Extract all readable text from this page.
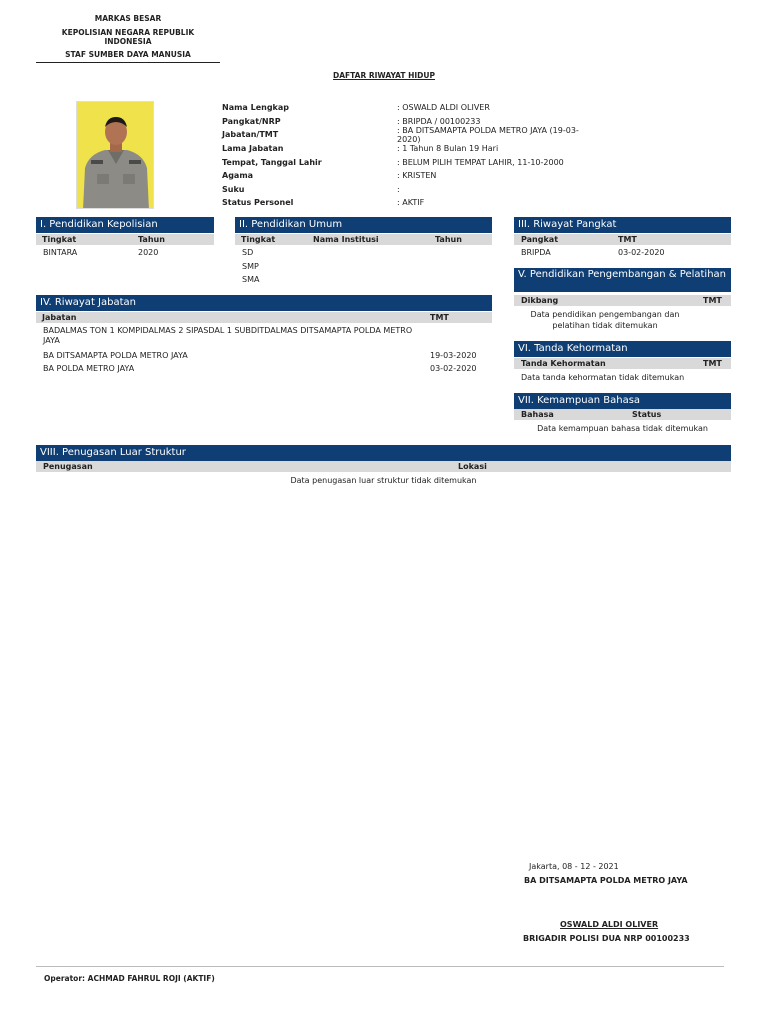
MARKAS BESAR
KEPOLISIAN NEGARA REPUBLIK INDONESIA
STAF SUMBER DAYA MANUSIA
DAFTAR RIWAYAT HIDUP
Nama Lengkap	: OSWALD ALDI OLIVER
Pangkat/NRP	: BRIPDA / 00100233
Jabatan/TMT	: BA DITSAMAPTA POLDA METRO JAYA (19-03-2020)
Lama Jabatan	: 1 Tahun 8 Bulan 19 Hari
Tempat, Tanggal Lahir	: BELUM PILIH TEMPAT LAHIR, 11-10-2000
Agama	: KRISTEN
Suku	:
Status Personel	: AKTIF
I. Pendidikan Kepolisian
Tingkat	Tahun
BINTARA	2020
II. Pendidikan Umum
Tingkat	Nama Institusi	Tahun
SD
SMP
SMA
III. Riwayat Pangkat
Pangkat	TMT
BRIPDA	03-02-2020
IV. Riwayat Jabatan
Jabatan	TMT
BADALMAS TON 1 KOMPIDALMAS 2 SIPASDAL 1 SUBDITDALMAS DITSAMAPTA POLDA METRO JAYA
BA DITSAMAPTA POLDA METRO JAYA	19-03-2020
BA POLDA METRO JAYA	03-02-2020
V. Pendidikan Pengembangan & Pelatihan
Dikbang	TMT
Data pendidikan pengembangan dan pelatihan tidak ditemukan
VI. Tanda Kehormatan
Tanda Kehormatan	TMT
Data tanda kehormatan tidak ditemukan
VII. Kemampuan Bahasa
Bahasa	Status
Data kemampuan bahasa tidak ditemukan
VIII. Penugasan Luar Struktur
Penugasan	Lokasi
Data penugasan luar struktur tidak ditemukan
Jakarta, 08 - 12 - 2021
BA DITSAMAPTA POLDA METRO JAYA
OSWALD ALDI OLIVER
BRIGADIR POLISI DUA NRP 00100233
Operator: ACHMAD FAHRUL ROJI (AKTIF)
